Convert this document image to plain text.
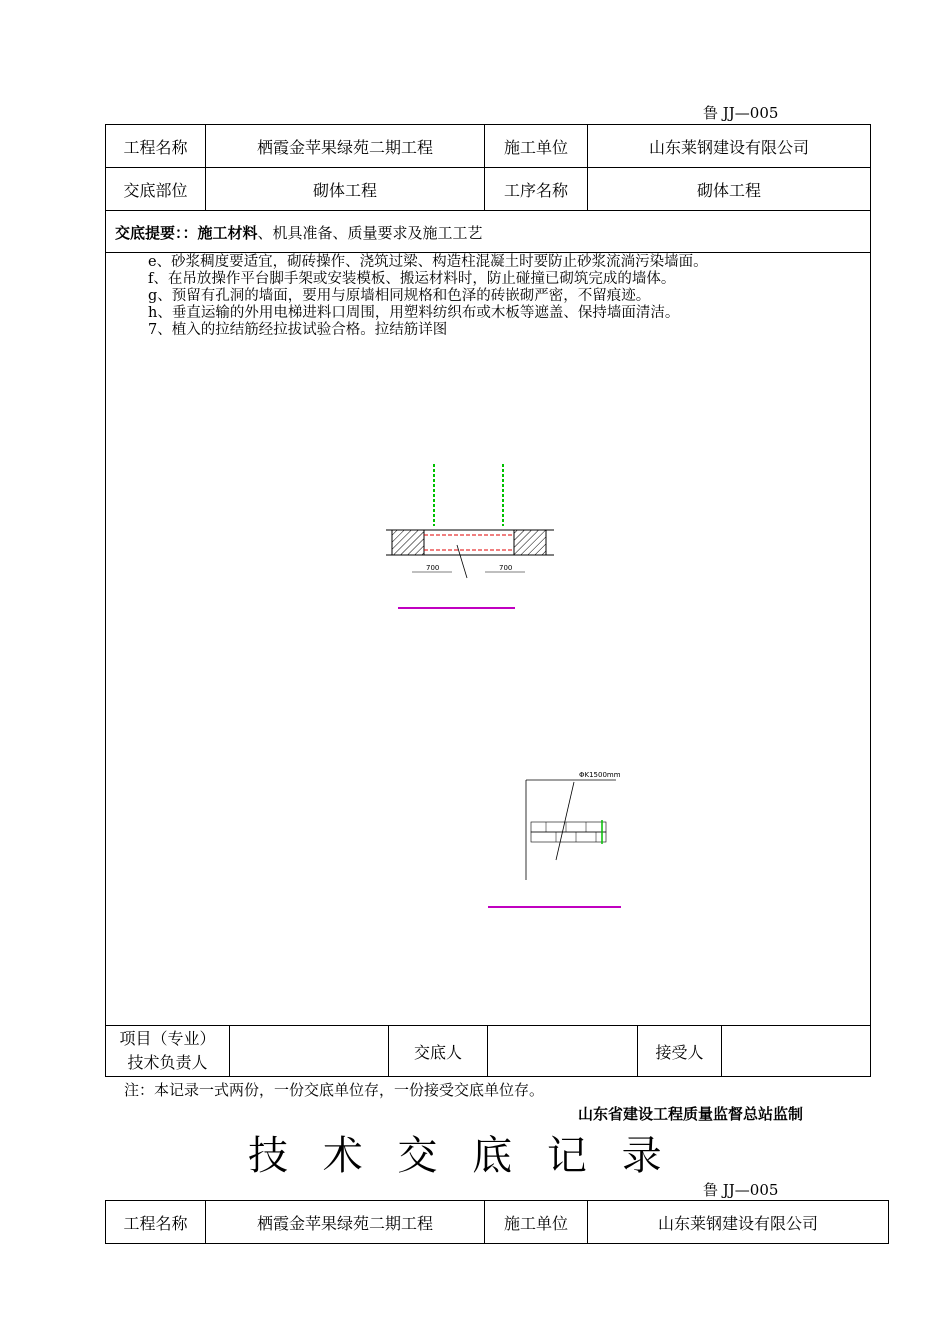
鲁 JJ—005
工程名称	栖霞金苹果绿苑二期工程	施工单位	山东莱钢建设有限公司
交底部位	砌体工程	工序名称	砌体工程
交底提要：：施工材料、机具准备、质量要求及施工工艺
e、砂浆稠度要适宜，砌砖操作、浇筑过梁、构造柱混凝土时要防止砂浆流淌污染墙面。
f、在吊放操作平台脚手架或安装模板、搬运材料时，防止碰撞已砌筑完成的墙体。
g、预留有孔洞的墙面，要用与原墙相同规格和色泽的砖嵌砌严密，不留痕迹。
h、垂直运输的外用电梯进料口周围，用塑料纺织布或木板等遮盖、保持墙面清洁。
7、植入的拉结筋经拉拔试验合格。拉结筋详图
700	700
ΦK1500mm
项目（专业）
技术负责人
		交底人		接受人	
注：本记录一式两份，一份交底单位存，一份接受交底单位存。
山东省建设工程质量监督总站监制
技 术 交 底 记 录
鲁 JJ—005
工程名称	栖霞金苹果绿苑二期工程	施工单位	山东莱钢建设有限公司
